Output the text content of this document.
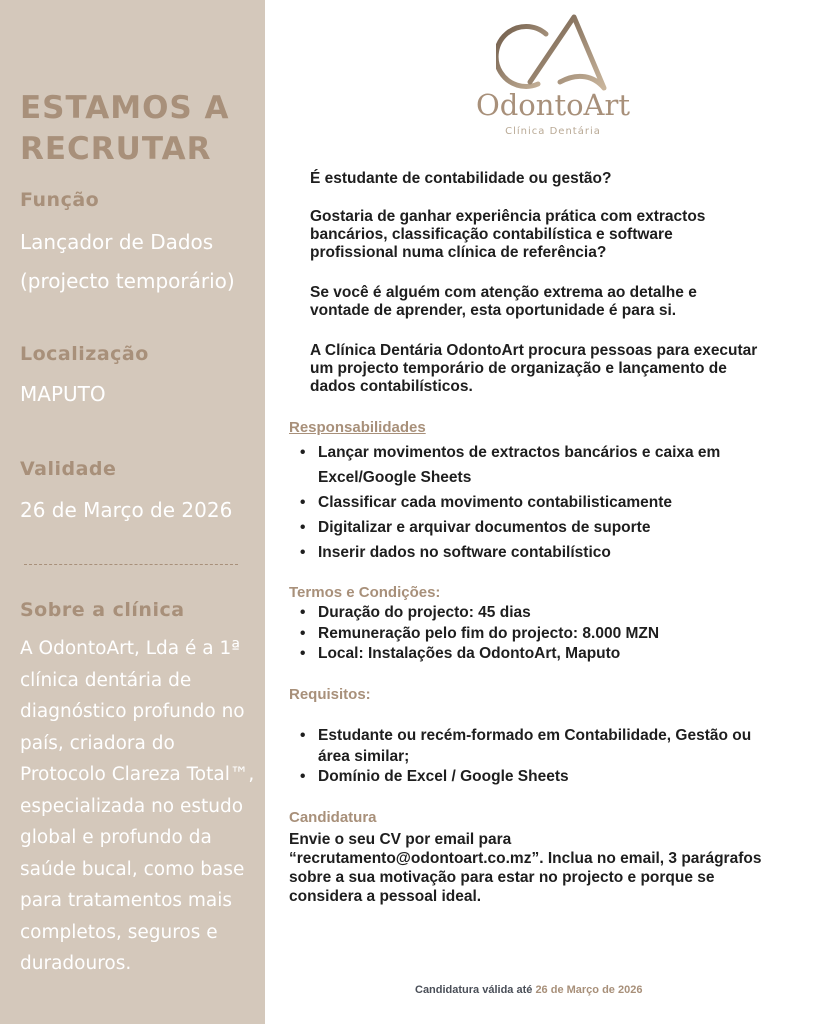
ESTAMOS A RECRUTAR
Função
Lançador de Dados
(projecto temporário)
Localização
MAPUTO
Validade
26 de Março de 2026
Sobre a clínica
A OdontoArt, Lda é a 1ª clínica dentária de diagnóstico profundo no país, criadora do Protocolo Clareza Total™, especializada no estudo global e profundo da saúde bucal, como base para tratamentos mais completos, seguros e duradouros.
OdontoArt
Clínica Dentária
É estudante de contabilidade ou gestão?
Gostaria de ganhar experiência prática com extractos bancários, classificação contabilística e software profissional numa clínica de referência?
Se você é alguém com atenção extrema ao detalhe e vontade de aprender, esta oportunidade é para si.
A Clínica Dentária OdontoArt procura pessoas para executar um projecto temporário de organização e lançamento de dados contabilísticos.
Responsabilidades
• Lançar movimentos de extractos bancários e caixa em Excel/Google Sheets
• Classificar cada movimento contabilisticamente
• Digitalizar e arquivar documentos de suporte
• Inserir dados no software contabilístico
Termos e Condições:
• Duração do projecto: 45 dias
• Remuneração pelo fim do projecto: 8.000 MZN
• Local: Instalações da OdontoArt, Maputo
Requisitos:
• Estudante ou recém-formado em Contabilidade, Gestão ou área similar;
• Domínio de Excel / Google Sheets
Candidatura
Envie o seu CV por email para “recrutamento@odontoart.co.mz”. Inclua no email, 3 parágrafos sobre a sua motivação para estar no projecto e porque se considera a pessoal ideal.
Candidatura válida até 26 de Março de 2026
